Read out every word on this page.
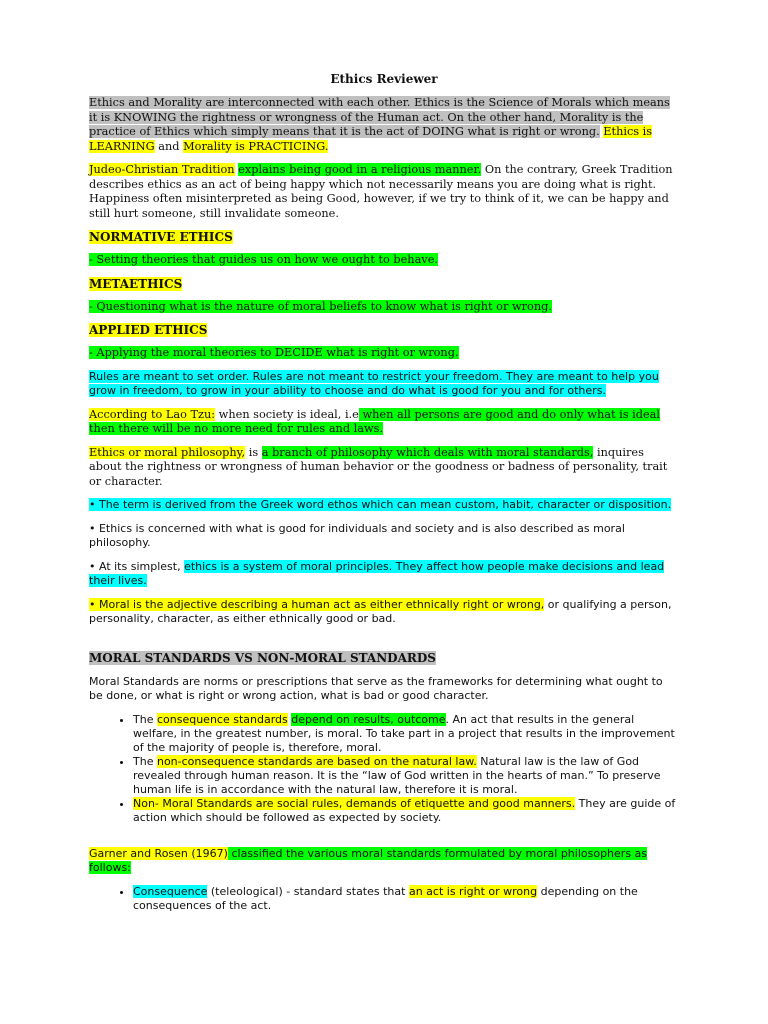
Ethics Reviewer

Ethics and Morality are interconnected with each other. Ethics is the Science of Morals which means it is KNOWING the rightness or wrongness of the Human act. On the other hand, Morality is the practice of Ethics which simply means that it is the act of DOING what is right or wrong. Ethics is LEARNING and Morality is PRACTICING.

Judeo-Christian Tradition explains being good in a religious manner. On the contrary, Greek Tradition describes ethics as an act of being happy which not necessarily means you are doing what is right. Happiness often misinterpreted as being Good, however, if we try to think of it, we can be happy and still hurt someone, still invalidate someone.

NORMATIVE ETHICS

- Setting theories that guides us on how we ought to behave.

METAETHICS

- Questioning what is the nature of moral beliefs to know what is right or wrong.

APPLIED ETHICS

- Applying the moral theories to DECIDE what is right or wrong.

Rules are meant to set order. Rules are not meant to restrict your freedom. They are meant to help you grow in freedom, to grow in your ability to choose and do what is good for you and for others.

According to Lao Tzu: when society is ideal, i.e when all persons are good and do only what is ideal then there will be no more need for rules and laws.

Ethics or moral philosophy, is a branch of philosophy which deals with moral standards, inquires about the rightness or wrongness of human behavior or the goodness or badness of personality, trait or character.

• The term is derived from the Greek word ethos which can mean custom, habit, character or disposition.

• Ethics is concerned with what is good for individuals and society and is also described as moral philosophy.

• At its simplest, ethics is a system of moral principles. They affect how people make decisions and lead their lives.

• Moral is the adjective describing a human act as either ethnically right or wrong, or qualifying a person, personality, character, as either ethnically good or bad.

MORAL STANDARDS VS NON-MORAL STANDARDS

Moral Standards are norms or prescriptions that serve as the frameworks for determining what ought to be done, or what is right or wrong action, what is bad or good character.

• The consequence standards depend on results, outcome. An act that results in the general welfare, in the greatest number, is moral. To take part in a project that results in the improvement of the majority of people is, therefore, moral.
• The non-consequence standards are based on the natural law. Natural law is the law of God revealed through human reason. It is the “law of God written in the hearts of man.” To preserve human life is in accordance with the natural law, therefore it is moral.
• Non- Moral Standards are social rules, demands of etiquette and good manners. They are guide of action which should be followed as expected by society.

Garner and Rosen (1967) classified the various moral standards formulated by moral philosophers as follows:

• Consequence (teleological) - standard states that an act is right or wrong depending on the consequences of the act.
